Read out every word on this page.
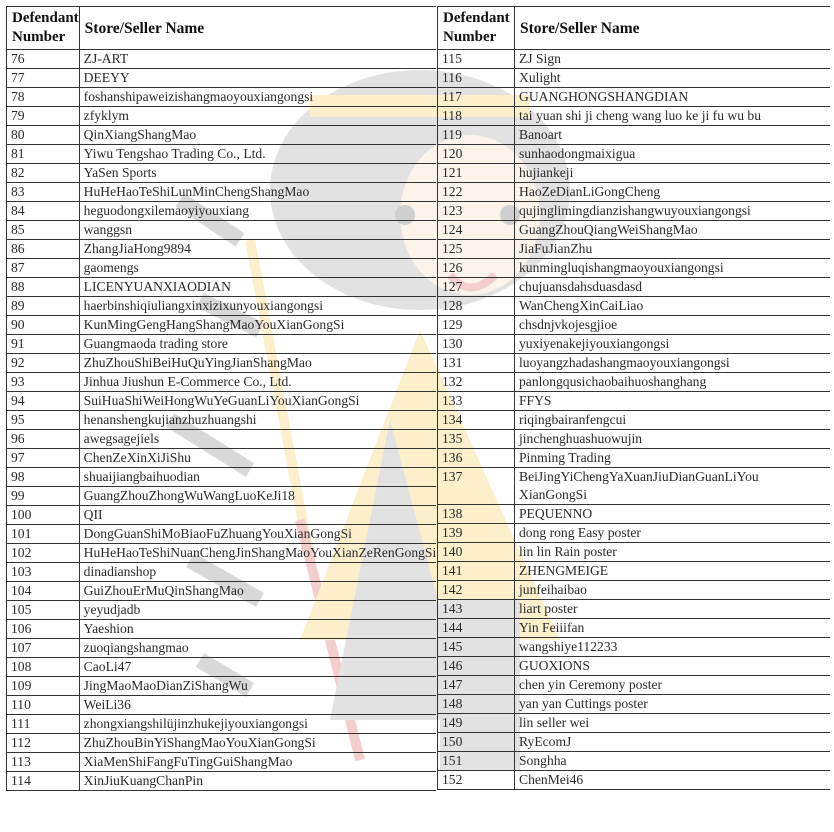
Defendant Number	Store/Seller Name
76	ZJ-ART
77	DEEYY
78	foshanshipaweizishangmaoyouxiangongsi
79	zfyklym
80	QinXiangShangMao
81	Yiwu Tengshao Trading Co., Ltd.
82	YaSen Sports
83	HuHeHaoTeShiLunMinChengShangMao
84	heguodongxilemaoyiyouxiang
85	wanggsn
86	ZhangJiaHong9894
87	gaomengs
88	LICENYUANXIAODIAN
89	haerbinshiqiuliangxinxizixunyouxiangongsi
90	KunMingGengHangShangMaoYouXianGongSi
91	Guangmaoda trading store
92	ZhuZhouShiBeiHuQuYingJianShangMao
93	Jinhua Jiushun E-Commerce Co., Ltd.
94	SuiHuaShiWeiHongWuYeGuanLiYouXianGongSi
95	henanshengkujianzhuzhuangshi
96	awegsagejiels
97	ChenZeXinXiJiShu
98	shuaijiangbaihuodian
99	GuangZhouZhongWuWangLuoKeJi18
100	QII
101	DongGuanShiMoBiaoFuZhuangYouXianGongSi
102	HuHeHaoTeShiNuanChengJinShangMaoYouXianZeRenGongSi
103	dinadianshop
104	GuiZhouErMuQinShangMao
105	yeyudjadb
106	Yaeshion
107	zuoqiangshangmao
108	CaoLi47
109	JingMaoMaoDianZiShangWu
110	WeiLi36
111	zhongxiangshilüjinzhukejiyouxiangongsi
112	ZhuZhouBinYiShangMaoYouXianGongSi
113	XiaMenShiFangFuTingGuiShangMao
114	XinJiuKuangChanPin
Defendant Number	Store/Seller Name
115	ZJ Sign
116	Xulight
117	GUANGHONGSHANGDIAN
118	tai yuan shi ji cheng wang luo ke ji fu wu bu
119	Banoart
120	sunhaodongmaixigua
121	hujiankeji
122	HaoZeDianLiGongCheng
123	qujinglimingdianzishangwuyouxiangongsi
124	GuangZhouQiangWeiShangMao
125	JiaFuJianZhu
126	kunmingluqishangmaoyouxiangongsi
127	chujuansdahsduasdasd
128	WanChengXinCaiLiao
129	chsdnjvkojesgjioe
130	yuxiyenakejiyouxiangongsi
131	luoyangzhadashangmaoyouxiangongsi
132	panlongqusichaobaihuoshanghang
133	FFYS
134	riqingbairanfengcui
135	jinchenghuashuowujin
136	Pinming Trading
137	BeiJingYiChengYaXuanJiuDianGuanLiYou XianGongSi
138	PEQUENNO
139	dong rong Easy poster
140	lin lin Rain poster
141	ZHENGMEIGE
142	junfeihaibao
143	liart poster
144	Yin Feiiifan
145	wangshiye112233
146	GUOXIONS
147	chen yin Ceremony poster
148	yan yan Cuttings poster
149	lin seller wei
150	RyEcomJ
151	Songhha
152	ChenMei46
